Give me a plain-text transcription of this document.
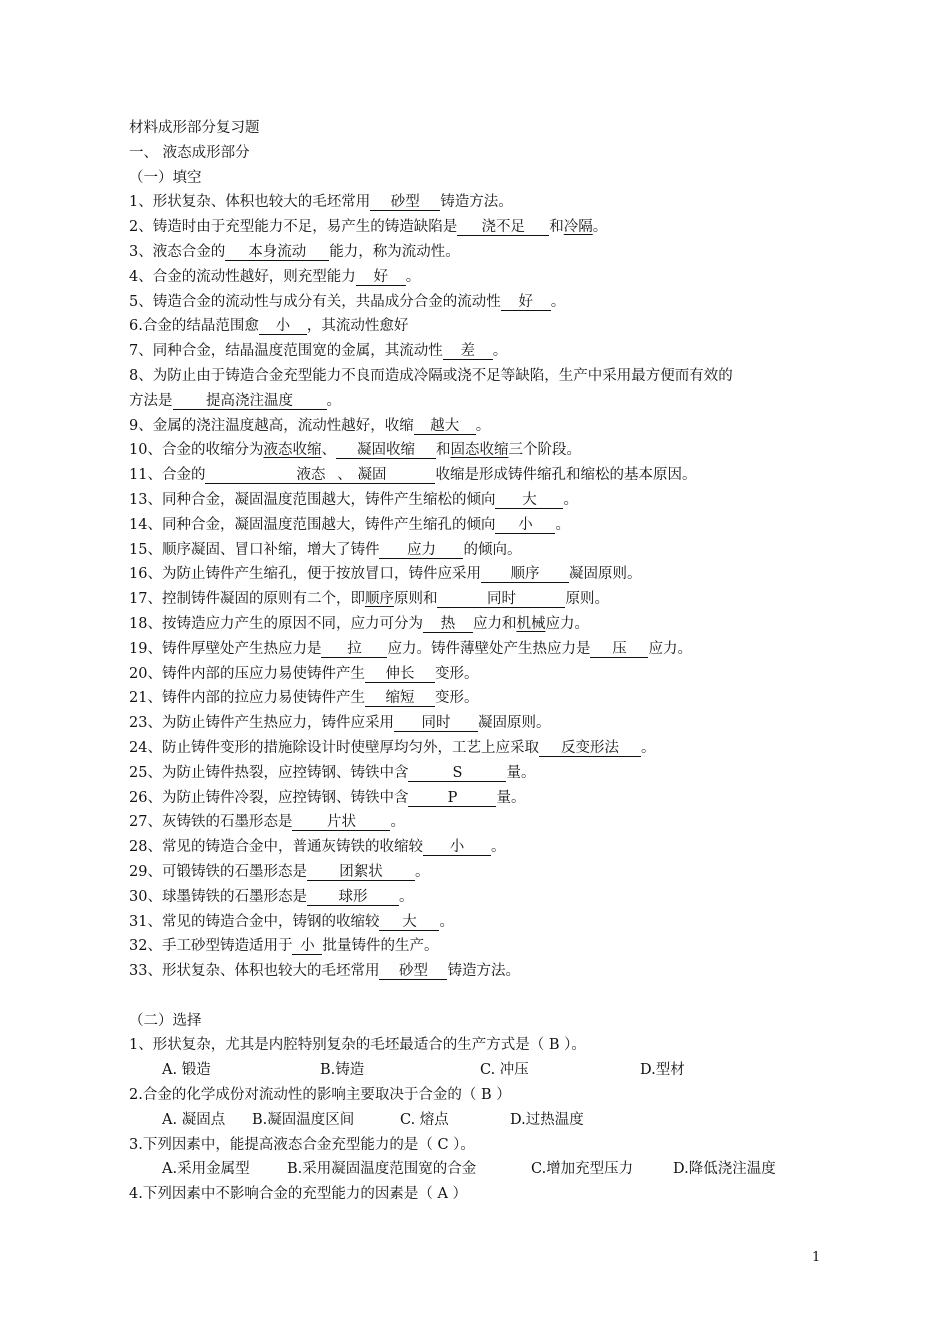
材料成形部分复习题
一、 液态成形部分
（一）填空
1、形状复杂、体积也较大的毛坯常用 砂型 铸造方法。
2、铸造时由于充型能力不足，易产生的铸造缺陷是 浇不足 和冷隔。
3、液态合金的 本身流动 能力，称为流动性。
4、合金的流动性越好，则充型能力 好 。
5、铸造合金的流动性与成分有关，共晶成分合金的流动性 好 。
6.合金的结晶范围愈 小 ，其流动性愈好
7、同种合金，结晶温度范围宽的金属，其流动性 差 。
8、为防止由于铸造合金充型能力不良而造成冷隔或浇不足等缺陷，生产中采用最方便而有效的
方法是 提高浇注温度 。
9、金属的浇注温度越高，流动性越好，收缩 越大 。
10、合金的收缩分为液态收缩、 凝固收缩 和固态收缩三个阶段。
11、合金的	液态 、 凝固	收缩是形成铸件缩孔和缩松的基本原因。
13、同种合金，凝固温度范围越大，铸件产生缩松的倾向 大 。
14、同种合金，凝固温度范围越大，铸件产生缩孔的倾向 小 。
15、顺序凝固、冒口补缩，增大了铸件 应力 的倾向。
16、为防止铸件产生缩孔，便于按放冒口，铸件应采用 顺序 凝固原则。
17、控制铸件凝固的原则有二个，即顺序原则和	同时	原则。
18、按铸造应力产生的原因不同，应力可分为 热 应力和机械应力。
19、铸件厚壁处产生热应力是 拉 应力。铸件薄壁处产生热应力是 压 应力。
20、铸件内部的压应力易使铸件产生 伸长 变形。
21、铸件内部的拉应力易使铸件产生 缩短 变形。
23、为防止铸件产生热应力，铸件应采用 同时 凝固原则。
24、防止铸件变形的措施除设计时使壁厚均匀外，工艺上应采取 反变形法 。
25、为防止铸件热裂，应控铸钢、铸铁中含	S	量。
26、为防止铸件冷裂，应控铸钢、铸铁中含	P	量。
27、灰铸铁的石墨形态是 片状 。
28、常见的铸造合金中，普通灰铸铁的收缩较 小 。
29、可锻铸铁的石墨形态是 团絮状 。
30、球墨铸铁的石墨形态是 球形 。
31、常见的铸造合金中，铸钢的收缩较 大 。
32、手工砂型铸造适用于 小 批量铸件的生产。
33、形状复杂、体积也较大的毛坯常用 砂型 铸造方法。
（二）选择
1、形状复杂，尤其是内腔特别复杂的毛坯最适合的生产方式是（ B ）。
A. 锻造	B.铸造	C. 冲压	D.型材
2.合金的化学成份对流动性的影响主要取决于合金的（ B ）
A. 凝固点 B.凝固温度区间	C. 熔点	D.过热温度
3.下列因素中，能提高液态合金充型能力的是（ C ）。
A.采用金属型	B.采用凝固温度范围宽的合金	C.增加充型压力	D.降低浇注温度
4.下列因素中不影响合金的充型能力的因素是（ A ）
1
